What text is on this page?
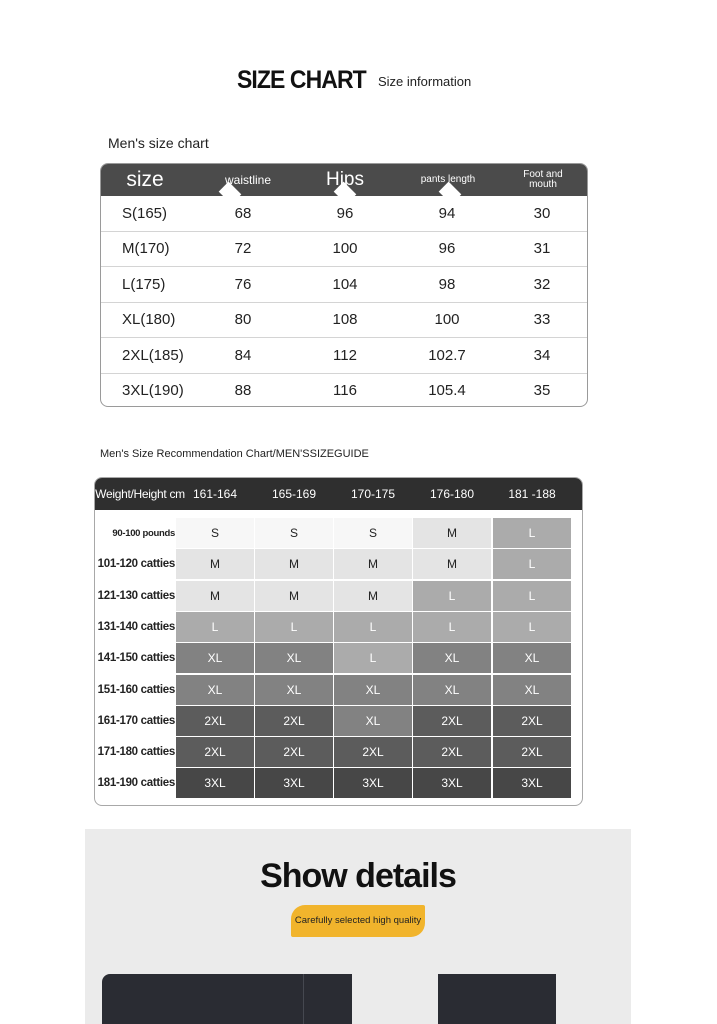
SIZE CHART Size information
Men's size chart
size	waistline	Hips	pants length	Foot and mouth
S(165)	68	96	94	30
M(170)	72	100	96	31
L(175)	76	104	98	32
XL(180)	80	108	100	33
2XL(185)	84	112	102.7	34
3XL(190)	88	116	105.4	35
Men's Size Recommendation Chart/MEN'SSIZEGUIDE
Weight/Height cm 161-164	165-169	170-175	176-180	181 -188
90-100 pounds	S	S	S	M	L
101-120 catties	M	M	M	M	L
121-130 catties	M	M	M	L	L
131-140 catties	L	L	L	L	L
141-150 catties	XL	XL	L	XL	XL
151-160 catties	XL	XL	XL	XL	XL
161-170 catties	2XL	2XL	XL	2XL	2XL
171-180 catties	2XL	2XL	2XL	2XL	2XL
181-190 catties	3XL	3XL	3XL	3XL	3XL
Show details
Carefully selected high quality
